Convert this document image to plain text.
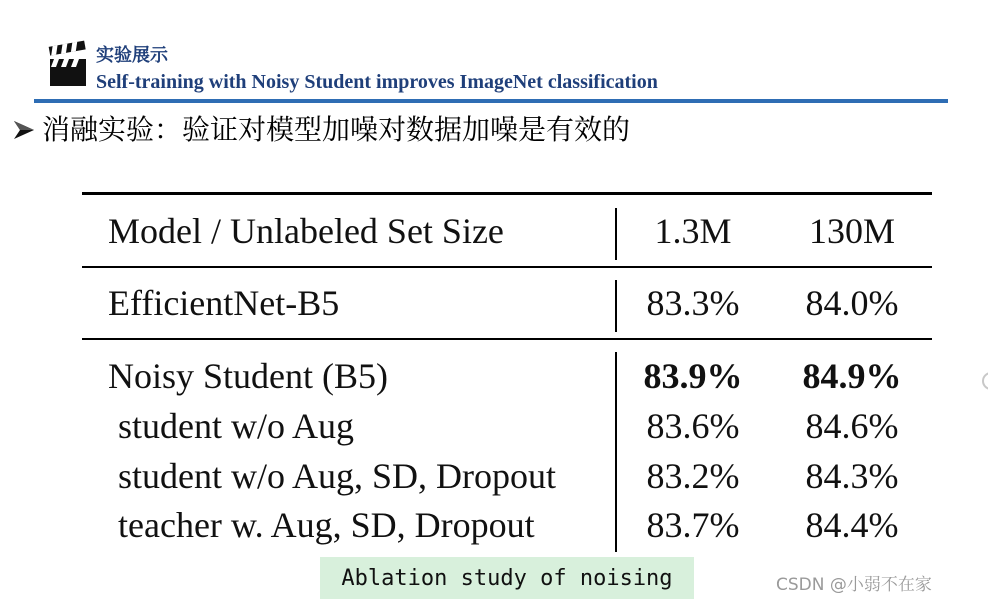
实验展示
Self-training with Noisy Student improves ImageNet classification
消融实验：验证对模型加噪对数据加噪是有效的
Model / Unlabeled Set Size	1.3M	130M
EfficientNet-B5	83.3%	84.0%
Noisy Student (B5)	83.9%	84.9%
student w/o Aug	83.6%	84.6%
student w/o Aug, SD, Dropout	83.2%	84.3%
teacher w. Aug, SD, Dropout	83.7%	84.4%
Ablation study of noising	CSDN @小弱不在家
